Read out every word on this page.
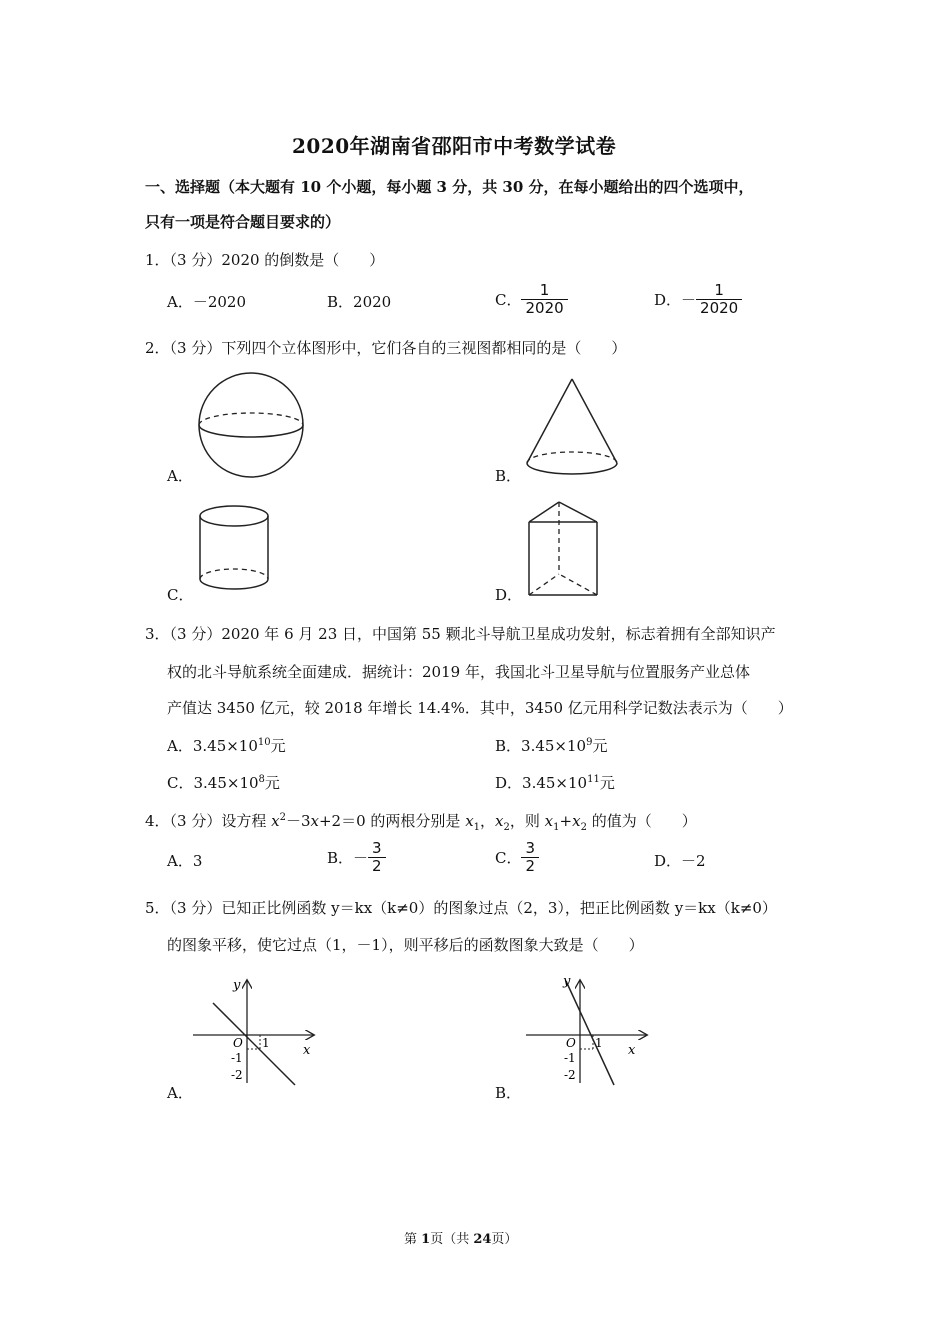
2020年湖南省邵阳市中考数学试卷
一、选择题（本大题有 10 个小题，每小题 3 分，共 30 分，在每小题给出的四个选项中，
只有一项是符合题目要求的）
1．（3 分）2020 的倒数是（　　）
A．－2020	B．2020	C． $\frac{1}{2020}$	D．－ $\frac{1}{2020}$
2．（3 分）下列四个立体图形中，它们各自的三视图都相同的是（　　）
A．	B．
C．	D．
3．（3 分）2020 年 6 月 23 日，中国第 55 颗北斗导航卫星成功发射，标志着拥有全部知识产
权的北斗导航系统全面建成．据统计：2019 年，我国北斗卫星导航与位置服务产业总体
产值达 3450 亿元，较 2018 年增长 14.4%．其中，3450 亿元用科学记数法表示为（　　）
A．$3.45\times 10^{10}$元	B．$3.45\times 10^9$元
C．$3.45\times 10^8$元	D．$3.45\times 10^{11}$元
4．（3 分）设方程 $x^2-3x+2=0$ 的两根分别是 $x_1$，$x_2$，则 $x_1+x_2$ 的值为（　　）
A．3	B．－ $\frac{3}{2}$	C． $\frac{3}{2}$	D．－2
5．（3 分）已知正比例函数 y＝kx（k≠0）的图象过点（2，3），把正比例函数 y＝kx（k≠0）
的图象平移，使它过点（1，－1），则平移后的函数图象大致是（　　）
y
x
O 1
-1
-2
A．
y
x
O 1
-1
-2
B．
第 1页（共 24页）
